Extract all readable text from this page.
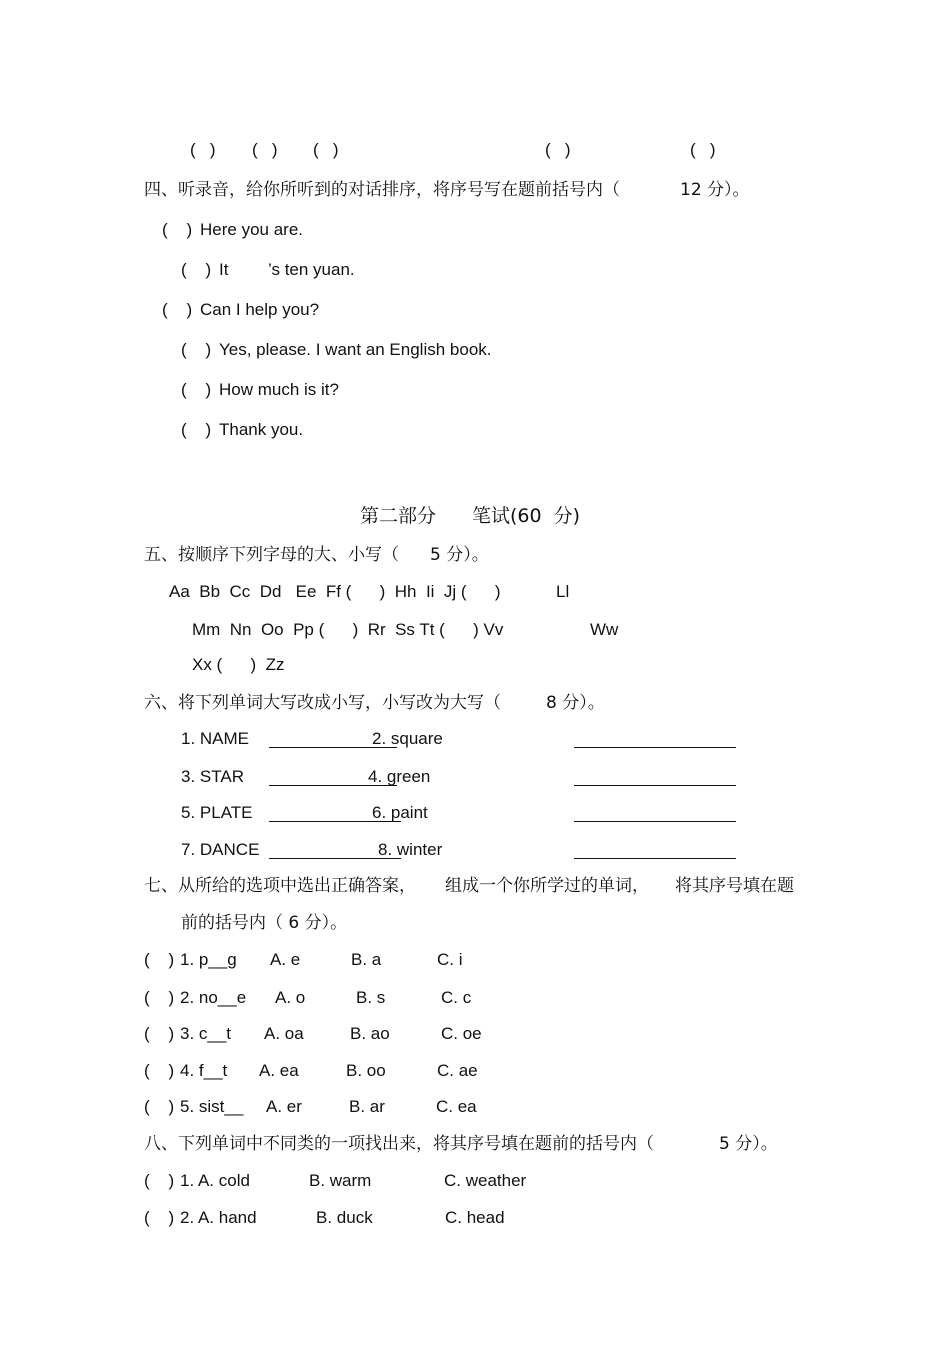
(   ) (   ) (   )	(   )	(   )
四、听录音，给你所听到的对话排序，将序号写在题前括号内（	12 分）。
(    ) Here you are.
(    ) It ’s ten yuan.
(    ) Can I help you?
(    ) Yes, please. I want an English book.
(    ) How much is it?
(    ) Thank you.
第二部分 笔试(60  分)
五、按顺序下列字母的大、小写（ 5 分）。
Aa  Bb  Cc  Dd   Ee  Ff (      )  Hh  Ii  Jj (      )	Ll
Mm  Nn  Oo  Pp (      )  Rr  Ss Tt (      ) Vv	Ww
Xx (      )  Zz
六、将下列单词大写改成小写，小写改为大写（	8 分）。
1. NAME	2. square
3. STAR	4. green
5. PLATE	6. paint
7. DANCE	8. winter
七、从所给的选项中选出正确答案， 组成一个你所学过的单词， 将其序号填在题
前的括号内（ 6 分）。
(    ) 1. p__g A. e	B. a	C. i
(    ) 2. no__e A. o	B. s	C. c
(    ) 3. c__t A. oa	B. ao	C. oe
(    ) 4. f__t A. ea	B. oo	C. ae
(    ) 5. sist__ A. er	B. ar	C. ea
八、下列单词中不同类的一项找出来，将其序号填在题前的括号内（	5 分）。
(    ) 1. A. cold	B. warm	C. weather
(    ) 2. A. hand	B. duck	C. head
